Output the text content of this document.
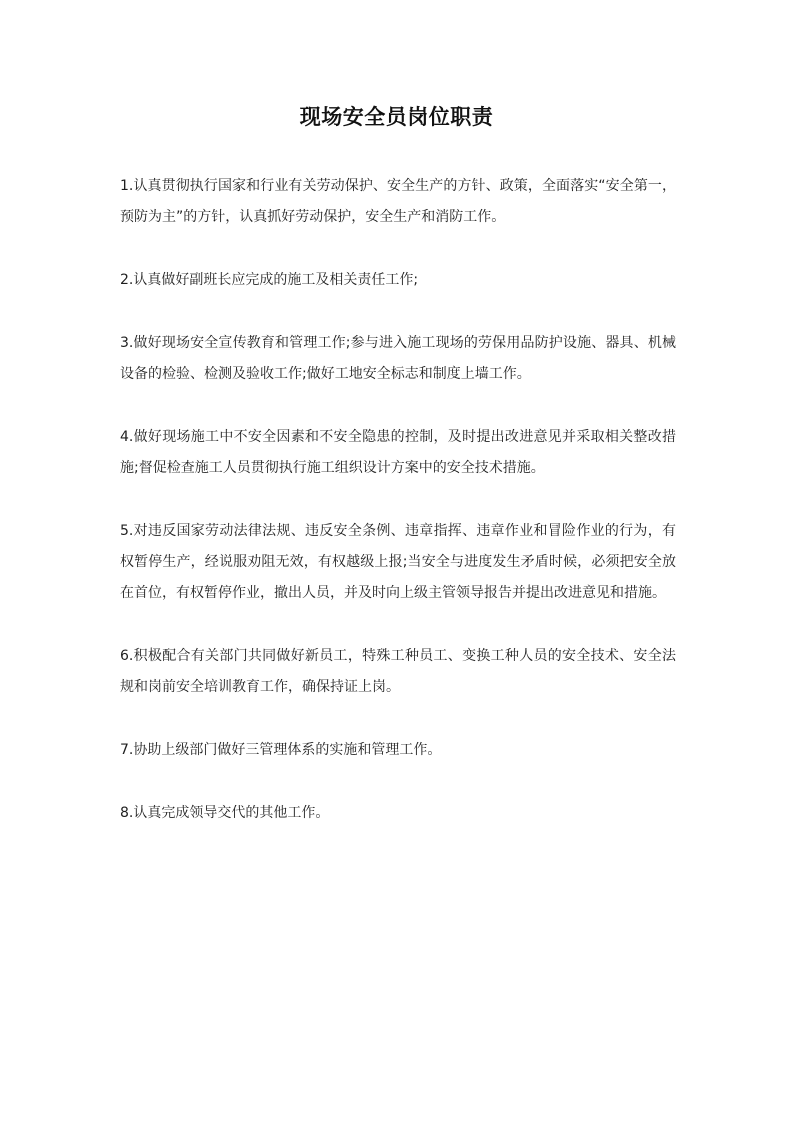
现场安全员岗位职责
1.认真贯彻执行国家和行业有关劳动保护、安全生产的方针、政策，全面落实“安全第一，预防为主”的方针，认真抓好劳动保护，安全生产和消防工作。
2.认真做好副班长应完成的施工及相关责任工作;
3.做好现场安全宣传教育和管理工作;参与进入施工现场的劳保用品防护设施、器具、机械设备的检验、检测及验收工作;做好工地安全标志和制度上墙工作。
4.做好现场施工中不安全因素和不安全隐患的控制，及时提出改进意见并采取相关整改措施;督促检查施工人员贯彻执行施工组织设计方案中的安全技术措施。
5.对违反国家劳动法律法规、违反安全条例、违章指挥、违章作业和冒险作业的行为，有权暂停生产，经说服劝阻无效，有权越级上报;当安全与进度发生矛盾时候，必须把安全放在首位，有权暂停作业，撤出人员，并及时向上级主管领导报告并提出改进意见和措施。
6.积极配合有关部门共同做好新员工，特殊工种员工、变换工种人员的安全技术、安全法规和岗前安全培训教育工作，确保持证上岗。
7.协助上级部门做好三管理体系的实施和管理工作。
8.认真完成领导交代的其他工作。
